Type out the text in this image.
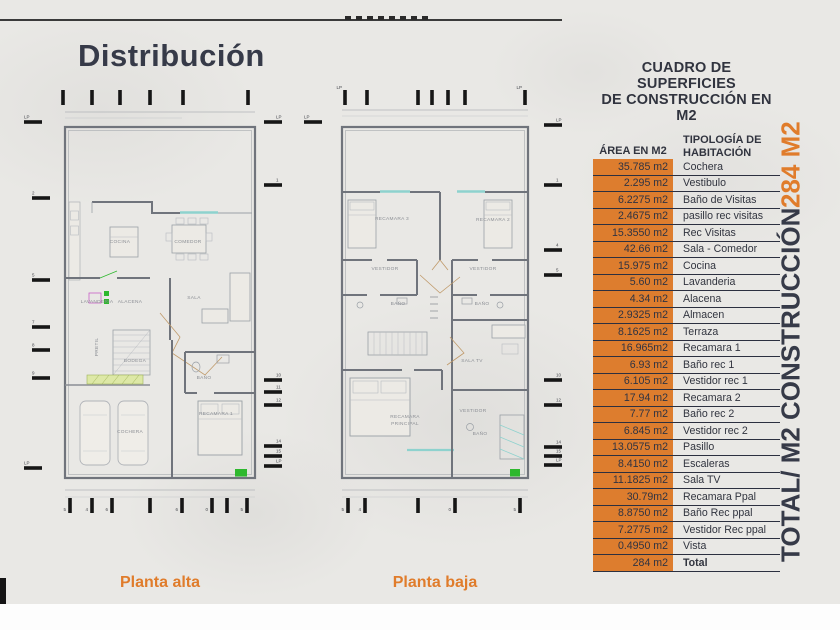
Distribución
5	4	6	6	0	5
LP
2
5
7
8
9
LP
LP
1
10
11
12
14
15
LP
COCINA	COMEDOR
SALA
LAVANDERIA ALACENA
PRETIL
BODEGA
BAÑO
RECAMARA 1
COCHERA
LP	LP
5	4	0	5
LP
LP
1
4
5
10
12
14
15
LP
RECAMARA 3	RECAMARA 2
VESTIDOR	VESTIDOR
BAÑO	BAÑO
SALA TV
RECAMARA
PRINCIPAL
VESTIDOR
BAÑO
Planta alta	Planta baja
CUADRO DE SUPERFICIES
DE CONSTRUCCIÓN EN M2
ÁREA EN M2
TIPOLOGÍA DE
HABITACIÓN
35.785 m2	Cochera
2.295 m2	Vestibulo
6.2275 m2	Baño de Visitas
2.4675 m2	pasillo rec visitas
15.3550 m2	Rec Visitas
42.66 m2	Sala - Comedor
15.975 m2	Cocina
5.60 m2	Lavanderia
4.34 m2	Alacena
2.9325 m2	Almacen
8.1625 m2	Terraza
16.965m2	Recamara 1
6.93 m2	Baño rec 1
6.105 m2	Vestidor rec 1
17.94 m2	Recamara 2
7.77 m2	Baño rec 2
6.845 m2	Vestidor rec 2
13.0575 m2	Pasillo
8.4150 m2	Escaleras
11.1825 m2	Sala TV
30.79m2	Recamara Ppal
8.8750 m2	Baño Rec ppal
7.2775 m2	Vestidor Rec ppal
0.4950 m2	Vista
284 m2	Total
TOTAL/ M2 CONSTRUCCIÓN
284 M2
